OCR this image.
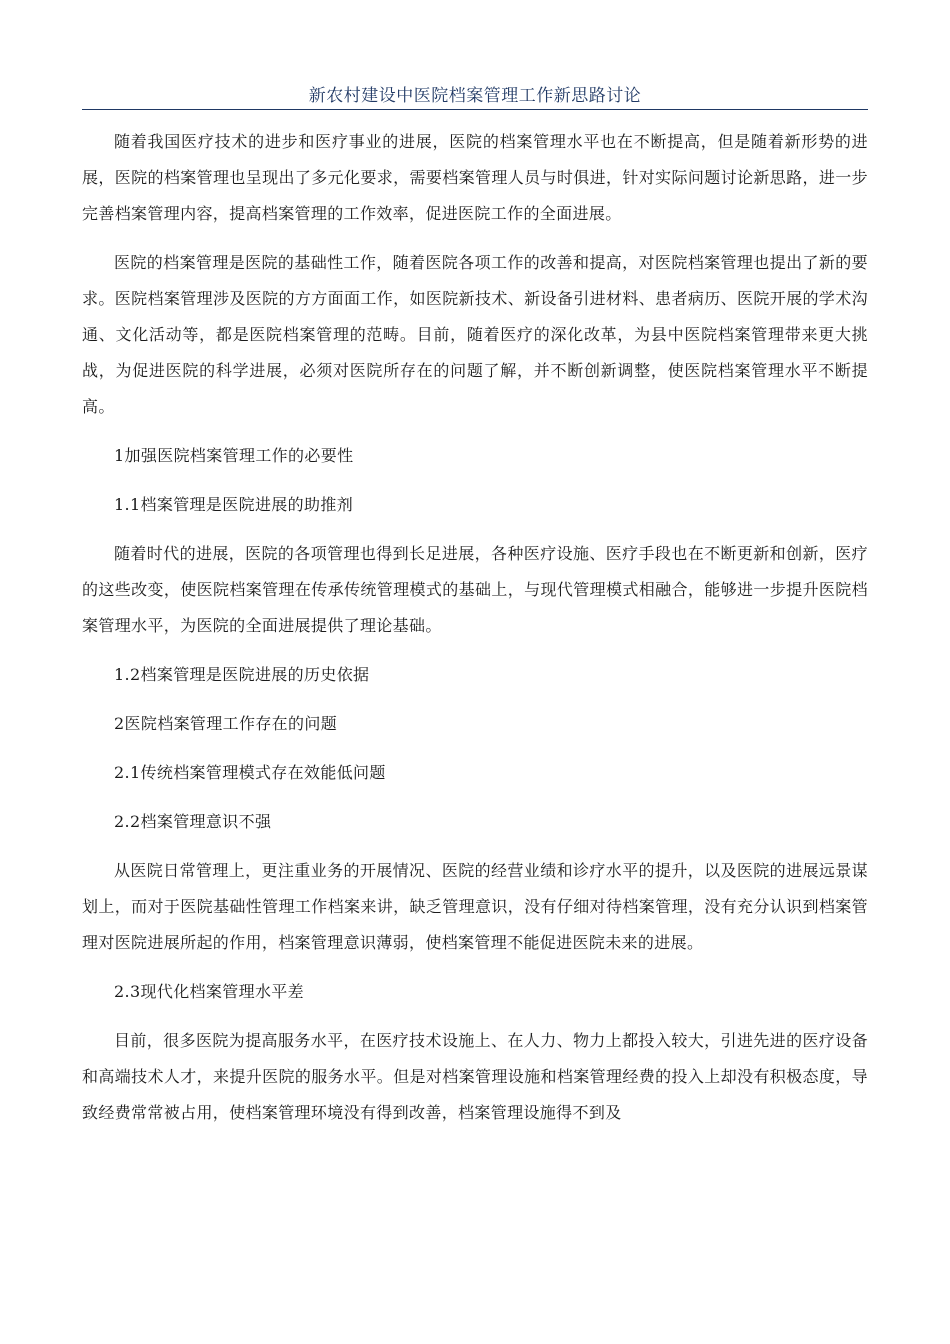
新农村建设中医院档案管理工作新思路讨论

随着我国医疗技术的进步和医疗事业的进展，医院的档案管理水平也在不断提高，但是随着新形势的进展，医院的档案管理也呈现出了多元化要求，需要档案管理人员与时俱进，针对实际问题讨论新思路，进一步完善档案管理内容，提高档案管理的工作效率，促进医院工作的全面进展。

医院的档案管理是医院的基础性工作，随着医院各项工作的改善和提高，对医院档案管理也提出了新的要求。医院档案管理涉及医院的方方面面工作，如医院新技术、新设备引进材料、患者病历、医院开展的学术沟通、文化活动等，都是医院档案管理的范畴。目前，随着医疗的深化改革，为县中医院档案管理带来更大挑战，为促进医院的科学进展，必须对医院所存在的问题了解，并不断创新调整，使医院档案管理水平不断提高。

1加强医院档案管理工作的必要性

1.1档案管理是医院进展的助推剂

随着时代的进展，医院的各项管理也得到长足进展，各种医疗设施、医疗手段也在不断更新和创新，医疗的这些改变，使医院档案管理在传承传统管理模式的基础上，与现代管理模式相融合，能够进一步提升医院档案管理水平，为医院的全面进展提供了理论基础。

1.2档案管理是医院进展的历史依据

2医院档案管理工作存在的问题

2.1传统档案管理模式存在效能低问题

2.2档案管理意识不强

从医院日常管理上，更注重业务的开展情况、医院的经营业绩和诊疗水平的提升，以及医院的进展远景谋划上，而对于医院基础性管理工作档案来讲，缺乏管理意识，没有仔细对待档案管理，没有充分认识到档案管理对医院进展所起的作用，档案管理意识薄弱，使档案管理不能促进医院未来的进展。

2.3现代化档案管理水平差

目前，很多医院为提高服务水平，在医疗技术设施上、在人力、物力上都投入较大，引进先进的医疗设备和高端技术人才，来提升医院的服务水平。但是对档案管理设施和档案管理经费的投入上却没有积极态度，导致经费常常被占用，使档案管理环境没有得到改善，档案管理设施得不到及
